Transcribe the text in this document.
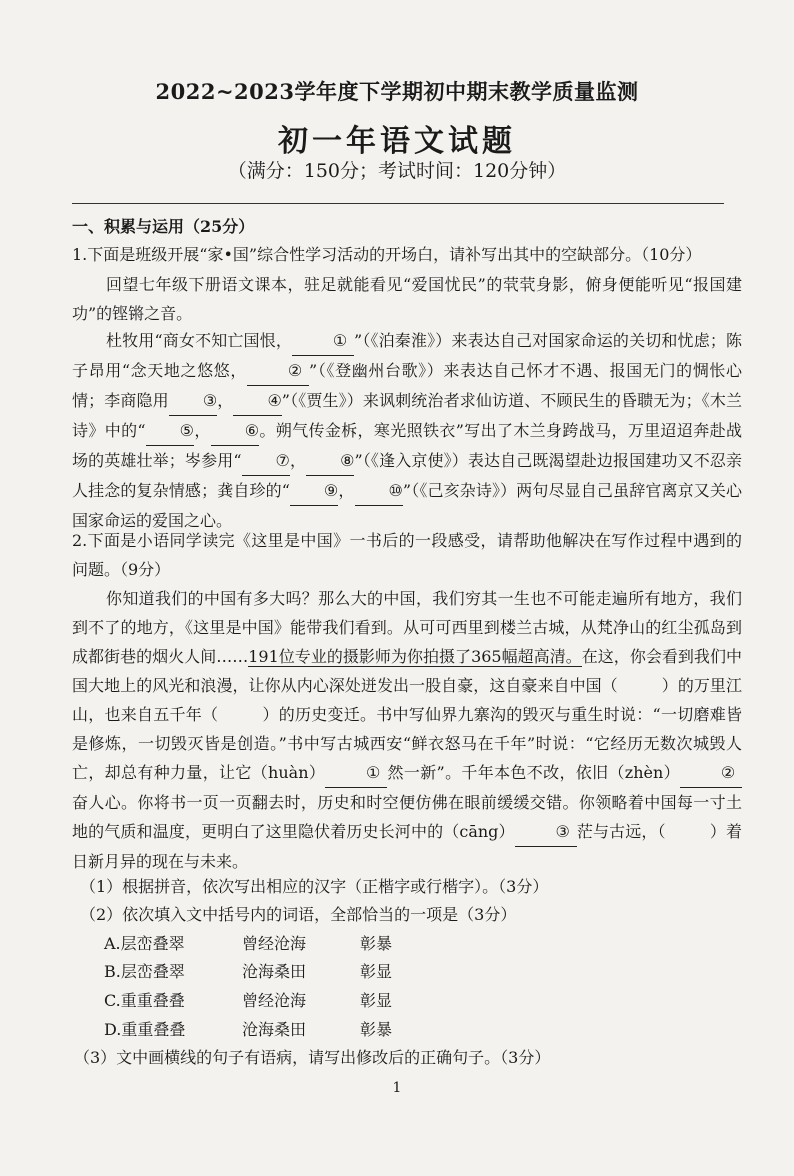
2022~2023学年度下学期初中期末教学质量监测
初一年语文试题
（满分：150分；考试时间：120分钟）
一、积累与运用（25分）
1.下面是班级开展“家•国”综合性学习活动的开场白，请补写出其中的空缺部分。（10分）
回望七年级下册语文课本，驻足就能看见“爱国忧民”的茕茕身影，俯身便能听见“报国建功”的铿锵之音。
杜牧用“商女不知亡国恨，	① ”（《泊秦淮》）来表达自己对国家命运的关切和忧虑；陈子昂用“念天地之悠悠，	② ”（《登幽州台歌》）来表达自己怀才不遇、报国无门的惆怅心情；李商隐用 ③， ④”（《贾生》）来讽刺统治者求仙访道、不顾民生的昏聩无为；《木兰诗》中的“ ⑤， ⑥。朔气传金柝，寒光照铁衣”写出了木兰身跨战马，万里迢迢奔赴战场的英雄壮举；岑参用“ ⑦， ⑧”（《逢入京使》）表达自己既渴望赴边报国建功又不忍亲人挂念的复杂情感；龚自珍的“ ⑨， ⑩”（《己亥杂诗》）两句尽显自己虽辞官离京又关心国家命运的爱国之心。
2.下面是小语同学读完《这里是中国》一书后的一段感受，请帮助他解决在写作过程中遇到的问题。（9分）
你知道我们的中国有多大吗？那么大的中国，我们穷其一生也不可能走遍所有地方，我们到不了的地方，《这里是中国》能带我们看到。从可可西里到楼兰古城，从梵净山的红尘孤岛到成都街巷的烟火人间……191位专业的摄影师为你拍摄了365幅超高清。在这，你会看到我们中国大地上的风光和浪漫，让你从内心深处迸发出一股自豪，这自豪来自中国（	）的万里江山，也来自五千年（	）的历史变迁。书中写仙界九寨沟的毁灭与重生时说：“一切磨难皆是修炼，一切毁灭皆是创造。”书中写古城西安“鲜衣怒马在千年”时说：“它经历无数次城毁人亡，却总有种力量，让它（huàn）	① 然一新”。千年本色不改，依旧（zhèn）	②奋人心。你将书一页一页翻去时，历史和时空便仿佛在眼前缓缓交错。你领略着中国每一寸土地的气质和温度，更明白了这里隐伏着历史长河中的（cāng）	③ 茫与古远，（	）着日新月异的现在与未来。
（1）根据拼音，依次写出相应的汉字（正楷字或行楷字）。（3分）
（2）依次填入文中括号内的词语，全部恰当的一项是（3分）
A.层峦叠翠	曾经沧海	彰暴
B.层峦叠翠	沧海桑田	彰显
C.重重叠叠	曾经沧海	彰显
D.重重叠叠	沧海桑田	彰暴
（3）文中画横线的句子有语病，请写出修改后的正确句子。（3分）
1
